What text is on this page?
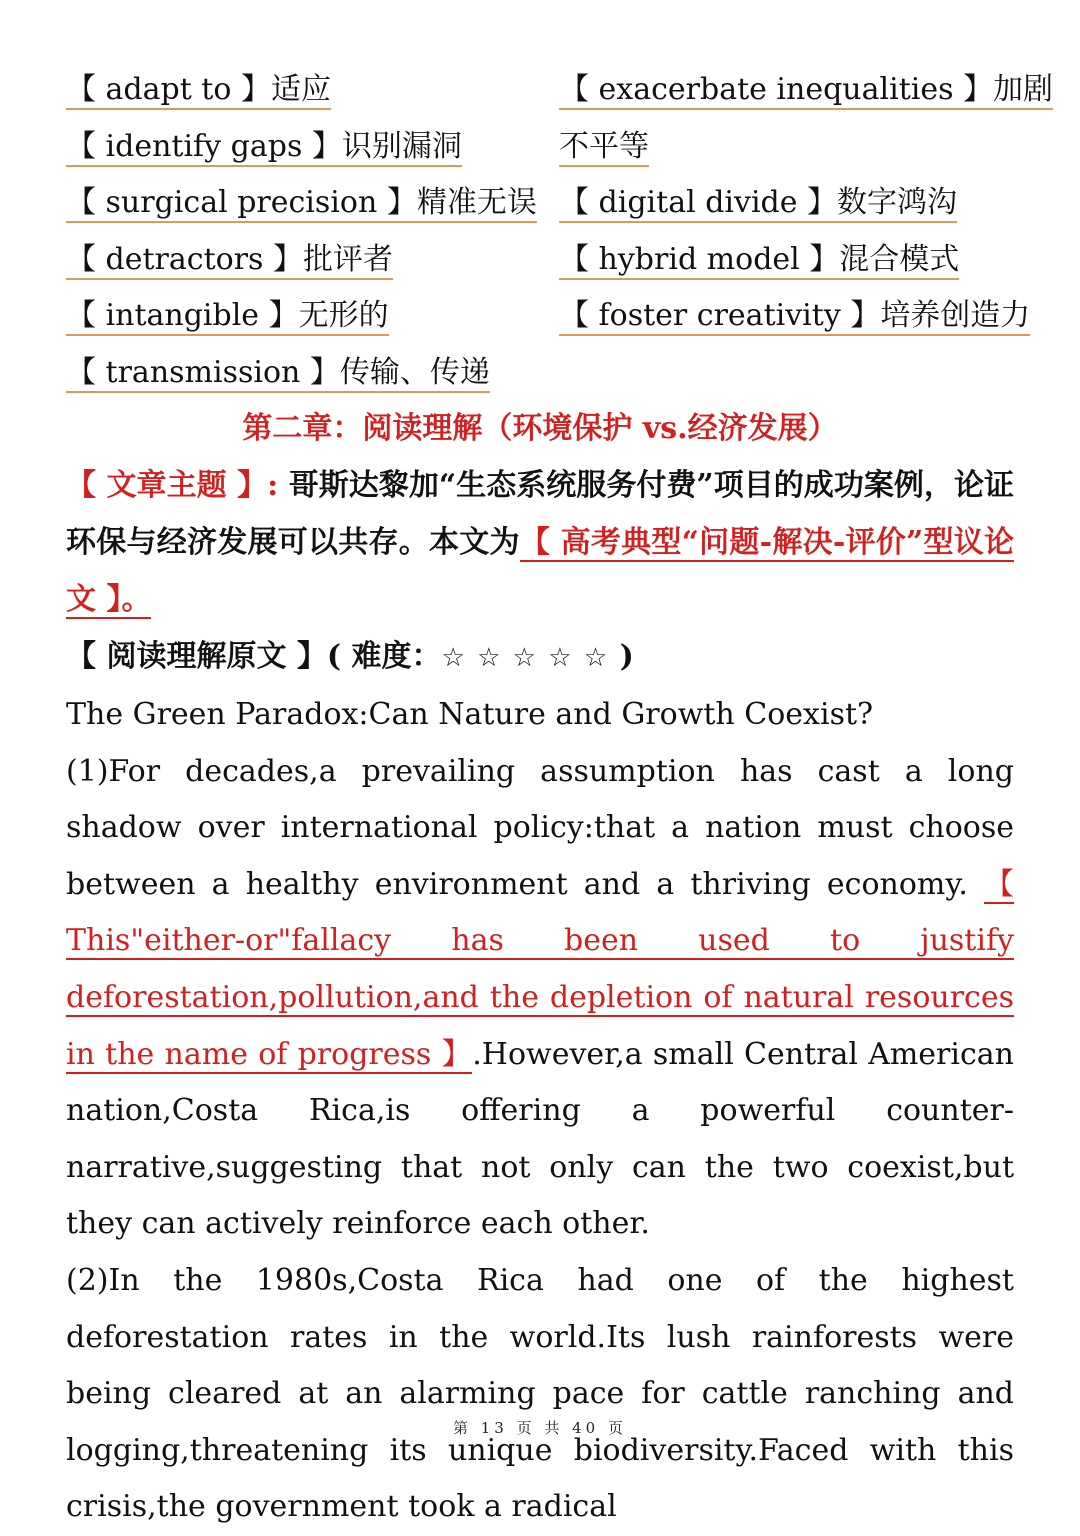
【 adapt to 】适应
【 identify gaps 】识别漏洞
【 surgical precision 】精准无误
【 detractors 】批评者
【 intangible 】无形的
【 transmission 】传输、传递
【 exacerbate inequalities 】加剧
不平等
【 digital divide 】数字鸿沟
【 hybrid model 】混合模式
【 foster creativity 】培养创造力
第二章：阅读理解（环境保护 vs.经济发展）
【 文章主题 】: 哥斯达黎加“生态系统服务付费”项目的成功案例，论证环保与经济发展可以共存。本文为【 高考典型“问题-解决-评价”型议论文 】。
【 阅读理解原文 】( 难度：☆ ☆ ☆ ☆ ☆ )
The Green Paradox:Can Nature and Growth Coexist?
(1)For decades,a prevailing assumption has cast a long shadow over international policy:that a nation must choose between a healthy environment and a thriving economy. 【 This"either-or"fallacy has been used to justify deforestation,pollution,and the depletion of natural resources in the name of progress 】.However,a small Central American nation,Costa Rica,is offering a powerful counter-narrative,suggesting that not only can the two coexist,but they can actively reinforce each other.
(2)In the 1980s,Costa Rica had one of the highest deforestation rates in the world.Its lush rainforests were being cleared at an alarming pace for cattle ranching and logging,threatening its unique biodiversity.Faced with this crisis,the government took a radical
第 13 页 共 40 页
